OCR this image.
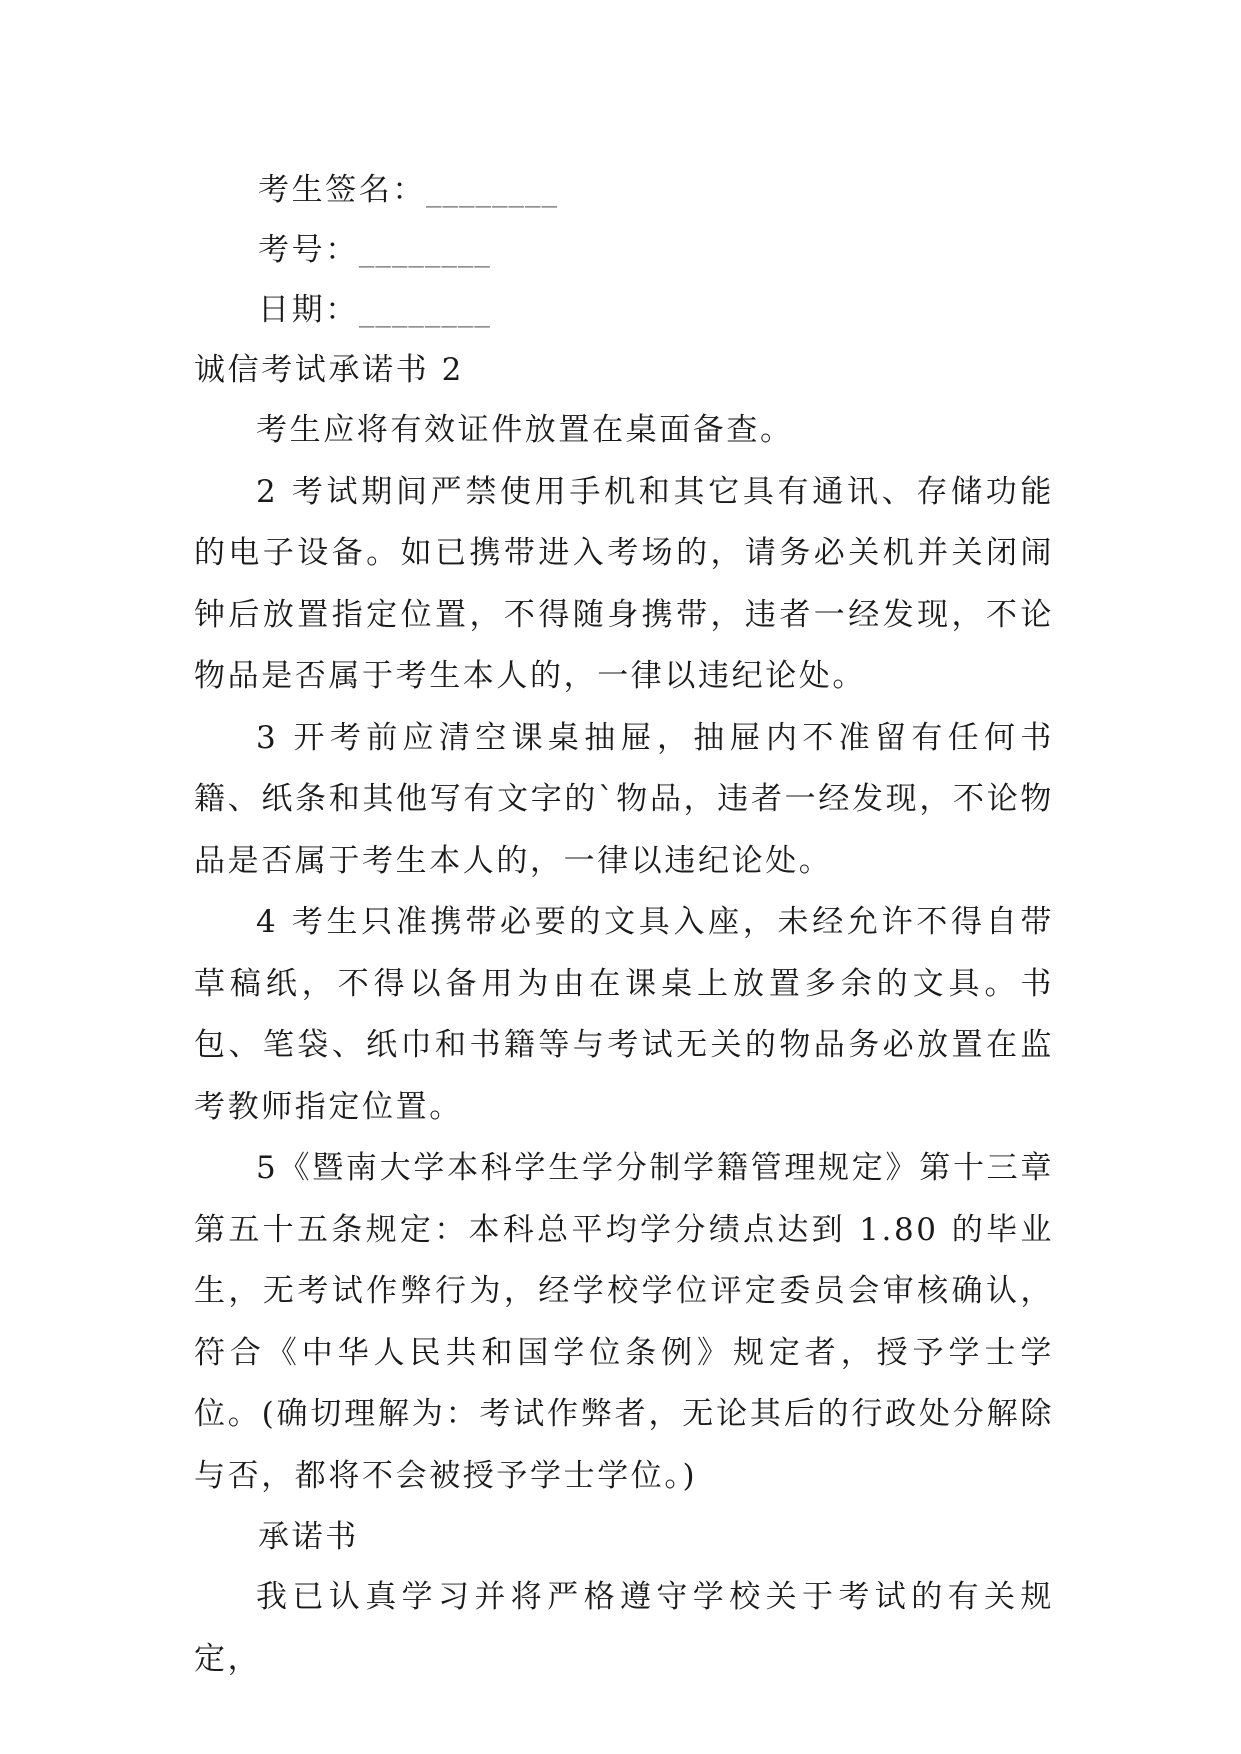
考生签名：________
考号：________
日期：________
诚信考试承诺书 2

考生应将有效证件放置在桌面备查。

2 考试期间严禁使用手机和其它具有通讯、存储功能的电子设备。如已携带进入考场的，请务必关机并关闭闹钟后放置指定位置，不得随身携带，违者一经发现，不论物品是否属于考生本人的，一律以违纪论处。

3 开考前应清空课桌抽屉，抽屉内不准留有任何书籍、纸条和其他写有文字的`物品，违者一经发现，不论物品是否属于考生本人的，一律以违纪论处。

4 考生只准携带必要的文具入座，未经允许不得自带草稿纸，不得以备用为由在课桌上放置多余的文具。书包、笔袋、纸巾和书籍等与考试无关的物品务必放置在监考教师指定位置。

5《暨南大学本科学生学分制学籍管理规定》第十三章第五十五条规定：本科总平均学分绩点达到 1.80 的毕业生，无考试作弊行为，经学校学位评定委员会审核确认，符合《中华人民共和国学位条例》规定者，授予学士学位。(确切理解为：考试作弊者，无论其后的行政处分解除与否，都将不会被授予学士学位。)

承诺书

我已认真学习并将严格遵守学校关于考试的有关规定，
